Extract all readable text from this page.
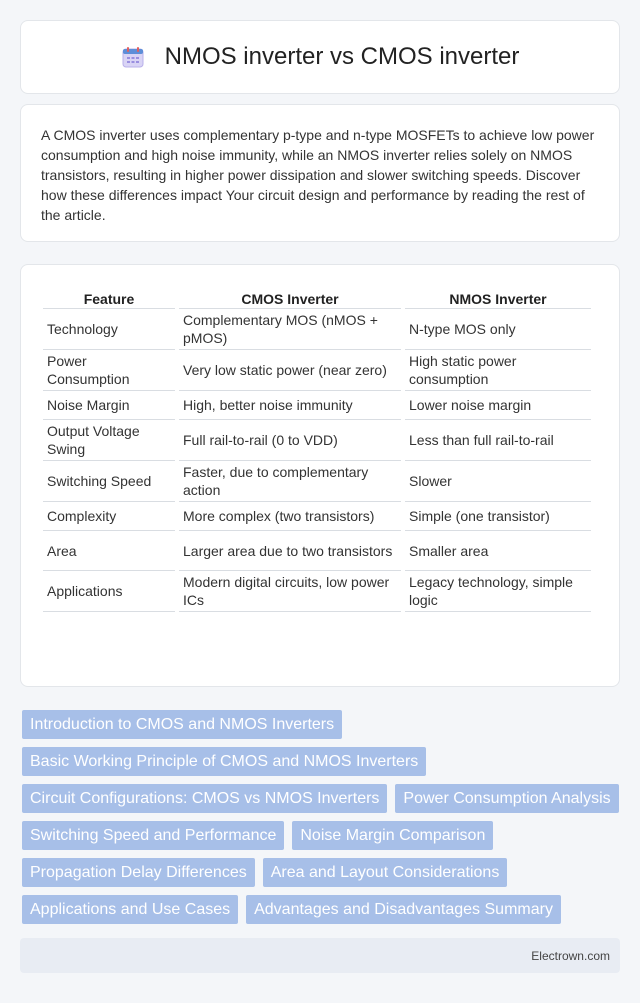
NMOS inverter vs CMOS inverter

A CMOS inverter uses complementary p-type and n-type MOSFETs to achieve low power consumption and high noise immunity, while an NMOS inverter relies solely on NMOS transistors, resulting in higher power dissipation and slower switching speeds. Discover how these differences impact Your circuit design and performance by reading the rest of the article.

Feature	CMOS Inverter	NMOS Inverter
Technology	Complementary MOS (nMOS + pMOS)	N-type MOS only
Power Consumption	Very low static power (near zero)	High static power consumption
Noise Margin	High, better noise immunity	Lower noise margin
Output Voltage Swing	Full rail-to-rail (0 to VDD)	Less than full rail-to-rail
Switching Speed	Faster, due to complementary action	Slower
Complexity	More complex (two transistors)	Simple (one transistor)
Area	Larger area due to two transistors	Smaller area
Applications	Modern digital circuits, low power ICs	Legacy technology, simple logic
Introduction to CMOS and NMOS Inverters
Basic Working Principle of CMOS and NMOS Inverters
Circuit Configurations: CMOS vs NMOS Inverters	Power Consumption Analysis
Switching Speed and Performance	Noise Margin Comparison
Propagation Delay Differences	Area and Layout Considerations
Applications and Use Cases	Advantages and Disadvantages Summary
Electrown.com
